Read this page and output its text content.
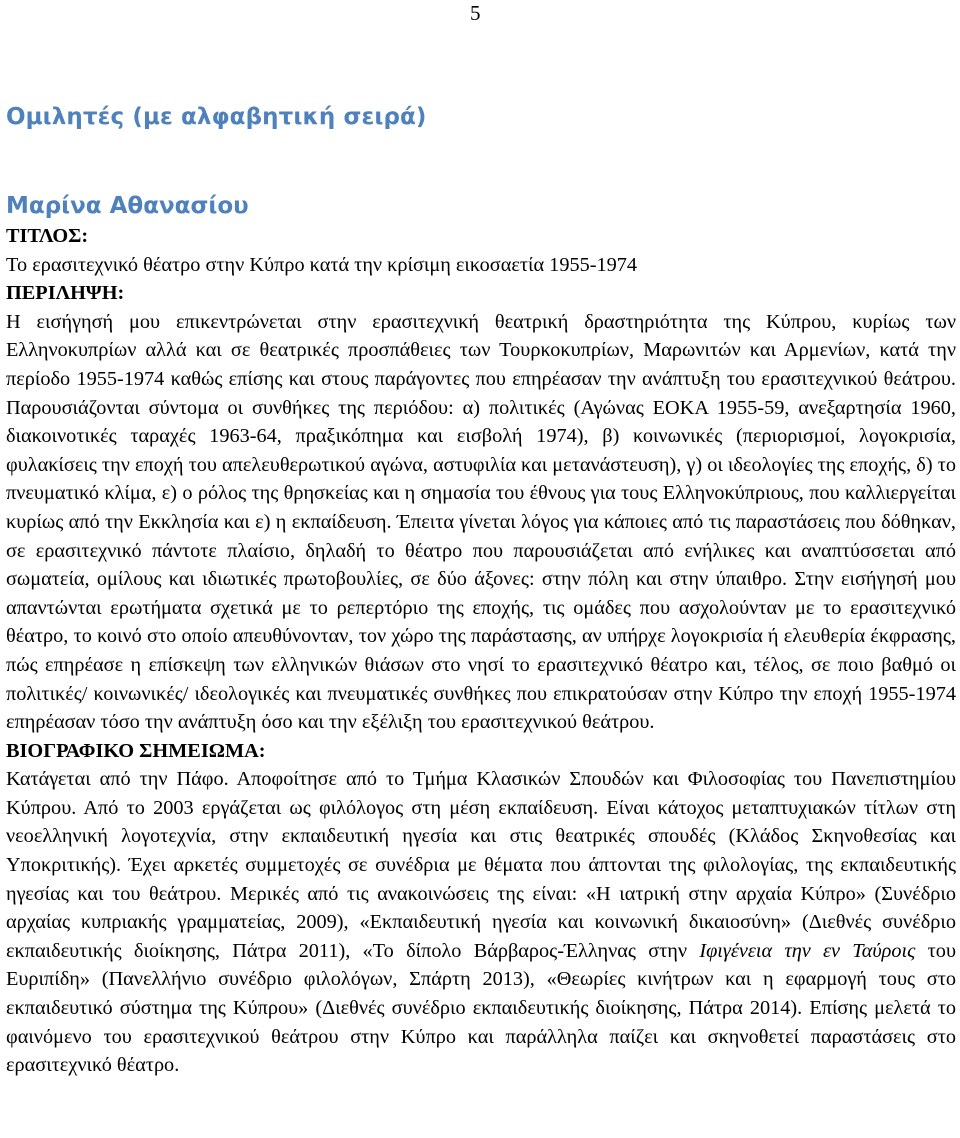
5
Ομιλητές (με αλφαβητική σειρά)
Μαρίνα Αθανασίου

ΤΙΤΛΟΣ:

Το ερασιτεχνικό θέατρο στην Κύπρο κατά την κρίσιμη εικοσαετία 1955-1974

ΠΕΡΙΛΗΨΗ:

Η εισήγησή μου επικεντρώνεται στην ερασιτεχνική θεατρική δραστηριότητα της Κύπρου, κυρίως των Ελληνοκυπρίων αλλά και σε θεατρικές προσπάθειες των Τουρκοκυπρίων, Μαρωνιτών και Αρμενίων, κατά την περίοδο 1955-1974 καθώς επίσης και στους παράγοντες που επηρέασαν την ανάπτυξη του ερασιτεχνικού θεάτρου. Παρουσιάζονται σύντομα οι συνθήκες της περιόδου: α) πολιτικές (Αγώνας ΕΟΚΑ 1955-59, ανεξαρτησία 1960, διακοινοτικές ταραχές 1963-64, πραξικόπημα και εισβολή 1974), β) κοινωνικές (περιορισμοί, λογοκρισία, φυλακίσεις την εποχή του απελευθερωτικού αγώνα, αστυφιλία και μετανάστευση), γ) οι ιδεολογίες της εποχής, δ) το πνευματικό κλίμα, ε) ο ρόλος της θρησκείας και η σημασία του έθνους για τους Ελληνοκύπριους, που καλλιεργείται κυρίως από την Εκκλησία και ε) η εκπαίδευση. Έπειτα γίνεται λόγος για κάποιες από τις παραστάσεις που δόθηκαν, σε ερασιτεχνικό πάντοτε πλαίσιο, δηλαδή το θέατρο που παρουσιάζεται από ενήλικες και αναπτύσσεται από σωματεία, ομίλους και ιδιωτικές πρωτοβουλίες, σε δύο άξονες: στην πόλη και στην ύπαιθρο. Στην εισήγησή μου απαντώνται ερωτήματα σχετικά με το ρεπερτόριο της εποχής, τις ομάδες που ασχολούνταν με το ερασιτεχνικό θέατρο, το κοινό στο οποίο απευθύνονταν, τον χώρο της παράστασης, αν υπήρχε λογοκρισία ή ελευθερία έκφρασης, πώς επηρέασε η επίσκεψη των ελληνικών θιάσων στο νησί το ερασιτεχνικό θέατρο και, τέλος, σε ποιο βαθμό οι πολιτικές/ κοινωνικές/ ιδεολογικές και πνευματικές συνθήκες που επικρατούσαν στην Κύπρο την εποχή 1955-1974 επηρέασαν τόσο την ανάπτυξη όσο και την εξέλιξη του ερασιτεχνικού θεάτρου.

ΒΙΟΓΡΑΦΙΚΟ ΣΗΜΕΙΩΜΑ:

Κατάγεται από την Πάφο. Αποφοίτησε από το Τμήμα Κλασικών Σπουδών και Φιλοσοφίας του Πανεπιστημίου Κύπρου. Από το 2003 εργάζεται ως φιλόλογος στη μέση εκπαίδευση. Είναι κάτοχος μεταπτυχιακών τίτλων στη νεοελληνική λογοτεχνία, στην εκπαιδευτική ηγεσία και στις θεατρικές σπουδές (Κλάδος Σκηνοθεσίας και Υποκριτικής). Έχει αρκετές συμμετοχές σε συνέδρια με θέματα που άπτονται της φιλολογίας, της εκπαιδευτικής ηγεσίας και του θεάτρου. Μερικές από τις ανακοινώσεις της είναι: «Η ιατρική στην αρχαία Κύπρο» (Συνέδριο αρχαίας κυπριακής γραμματείας, 2009), «Εκπαιδευτική ηγεσία και κοινωνική δικαιοσύνη» (Διεθνές συνέδριο εκπαιδευτικής διοίκησης, Πάτρα 2011), «Το δίπολο Βάρβαρος-Έλληνας στην Ιφιγένεια την εν Ταύροις του Ευριπίδη» (Πανελλήνιο συνέδριο φιλολόγων, Σπάρτη 2013), «Θεωρίες κινήτρων και η εφαρμογή τους στο εκπαιδευτικό σύστημα της Κύπρου» (Διεθνές συνέδριο εκπαιδευτικής διοίκησης, Πάτρα 2014). Επίσης μελετά το φαινόμενο του ερασιτεχνικού θεάτρου στην Κύπρο και παράλληλα παίζει και σκηνοθετεί παραστάσεις στο ερασιτεχνικό θέατρο.
